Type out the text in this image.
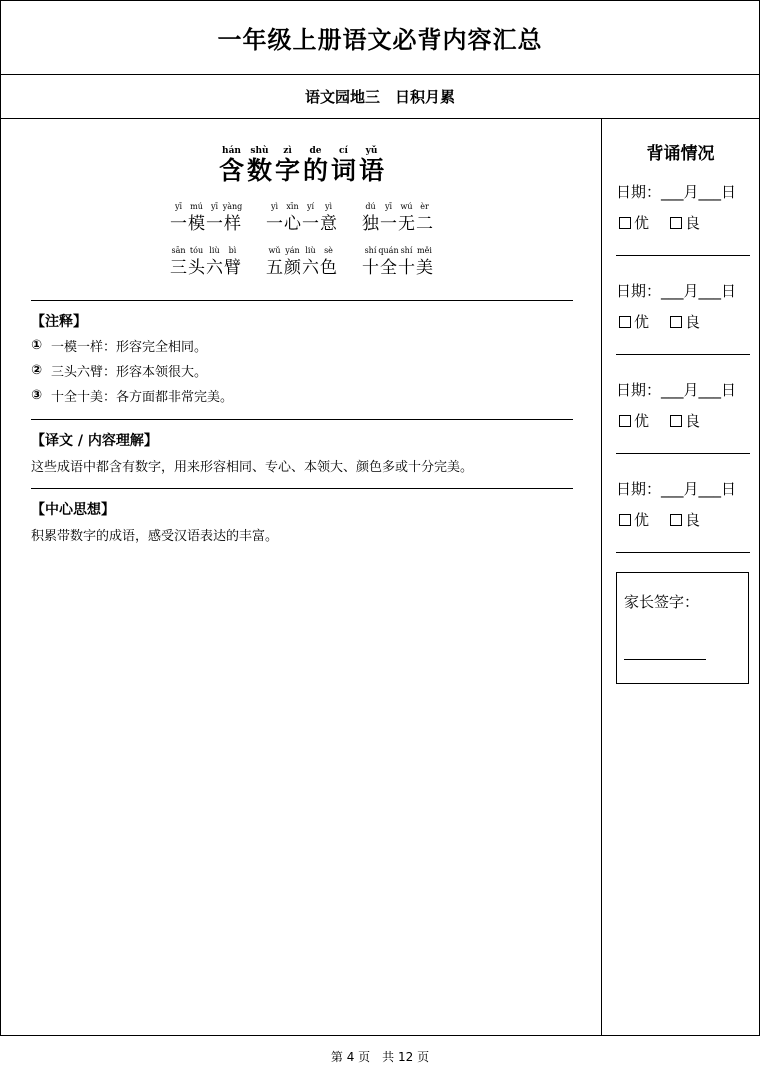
一年级上册语文必背内容汇总
语文园地三　日积月累
hán
含
shù
数
zì
字
de
的
cí
词
yǔ
语
yī
一
mú
模
yī
一
yàng
样
yì
一
xīn
心
yí
一
yì
意
dú
独
yī
一
wú
无
èr
二
sān
三
tóu
头
liù
六
bì
臂
wǔ
五
yán
颜
liù
六
sè
色
shí
十
quán
全
shí
十
měi
美
【注释】
① 一模一样：形容完全相同。
② 三头六臂：形容本领很大。
③ 十全十美：各方面都非常完美。
【译文 / 内容理解】
这些成语中都含有数字，用来形容相同、专心、本领大、颜色多或十分完美。
【中心思想】
积累带数字的成语，感受汉语表达的丰富。
背诵情况
日期：___月___日
优 良
日期：___月___日
优 良
日期：___月___日
优 良
日期：___月___日
优 良
家长签字：
第 4 页　共 12 页
